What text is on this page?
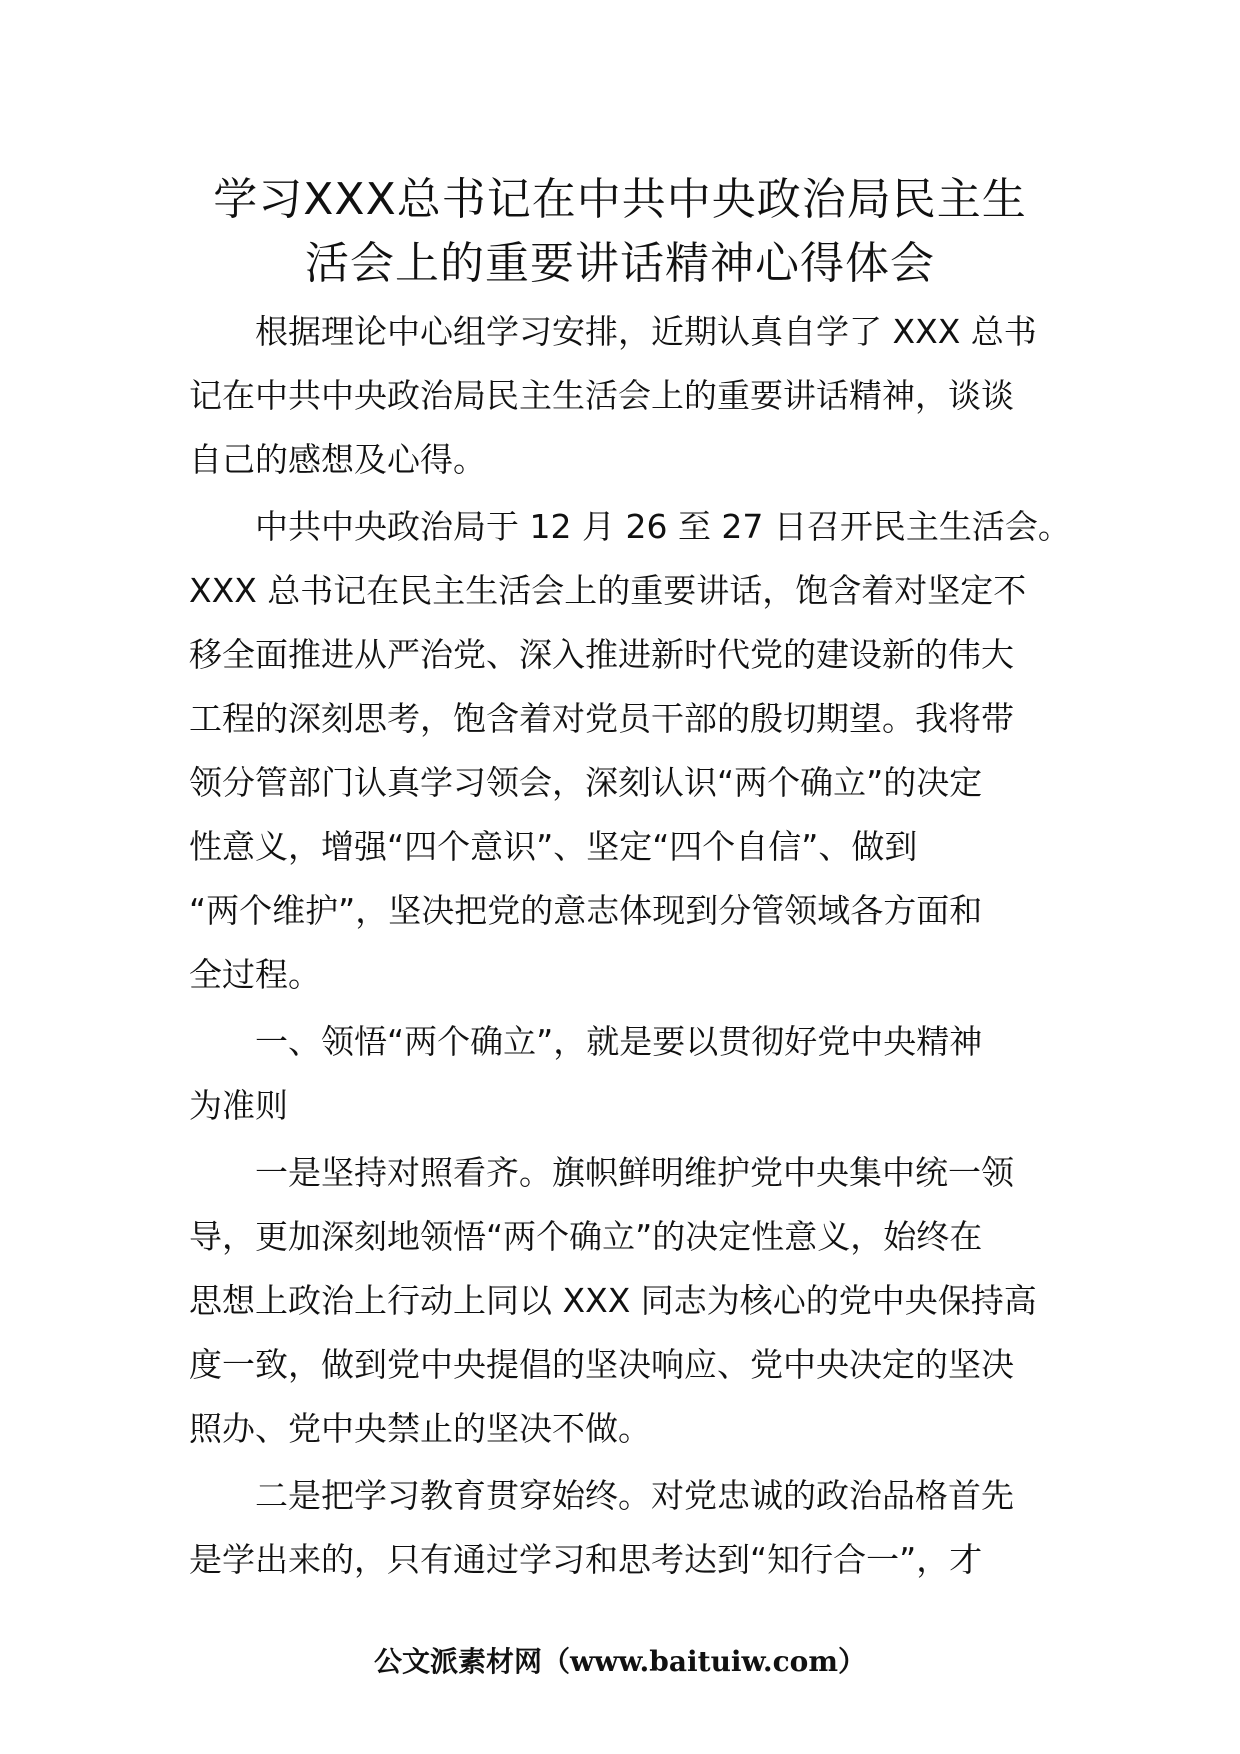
学习XXX总书记在中共中央政治局民主生
活会上的重要讲话精神心得体会
根据理论中心组学习安排，近期认真自学了 XXX 总书
记在中共中央政治局民主生活会上的重要讲话精神，谈谈
自己的感想及心得。
中共中央政治局于 12 月 26 至 27 日召开民主生活会。
XXX 总书记在民主生活会上的重要讲话，饱含着对坚定不
移全面推进从严治党、深入推进新时代党的建设新的伟大
工程的深刻思考，饱含着对党员干部的殷切期望。我将带
领分管部门认真学习领会，深刻认识“两个确立”的决定
性意义，增强“四个意识”、坚定“四个自信”、做到
“两个维护”，坚决把党的意志体现到分管领域各方面和
全过程。
一、领悟“两个确立”，就是要以贯彻好党中央精神
为准则
一是坚持对照看齐。旗帜鲜明维护党中央集中统一领
导，更加深刻地领悟“两个确立”的决定性意义，始终在
思想上政治上行动上同以 XXX 同志为核心的党中央保持高
度一致，做到党中央提倡的坚决响应、党中央决定的坚决
照办、党中央禁止的坚决不做。
二是把学习教育贯穿始终。对党忠诚的政治品格首先
是学出来的，只有通过学习和思考达到“知行合一”，才
公文派素材网（www.baituiw.com）
